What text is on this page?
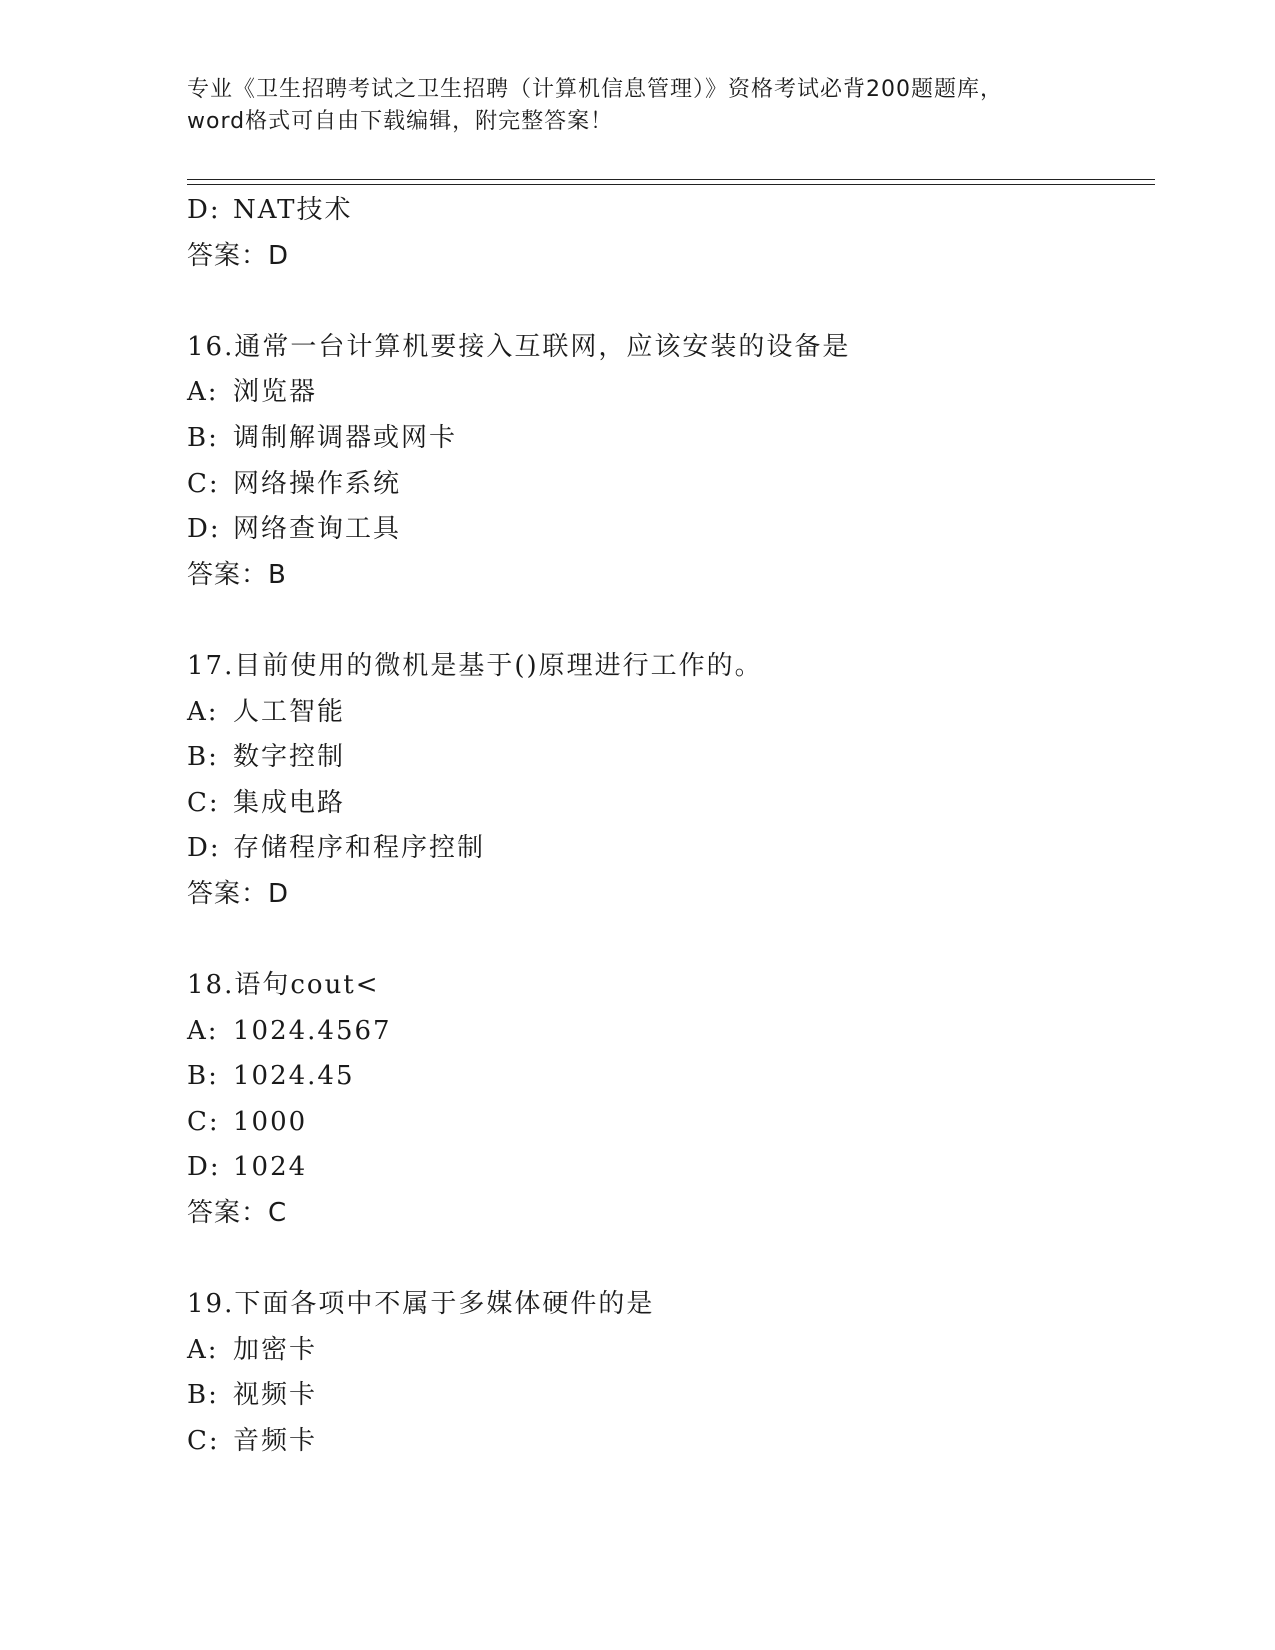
专业《卫生招聘考试之卫生招聘（计算机信息管理）》资格考试必背200题题库，
word格式可自由下载编辑，附完整答案！
D: NAT技术
答案：D
16.通常一台计算机要接入互联网，应该安装的设备是
A: 浏览器
B: 调制解调器或网卡
C: 网络操作系统
D: 网络查询工具
答案：B
17.目前使用的微机是基于()原理进行工作的。
A: 人工智能
B: 数字控制
C: 集成电路
D: 存储程序和程序控制
答案：D
18.语句cout<
A: 1024.4567
B: 1024.45
C: 1000
D: 1024
答案：C
19.下面各项中不属于多媒体硬件的是
A: 加密卡
B: 视频卡
C: 音频卡
